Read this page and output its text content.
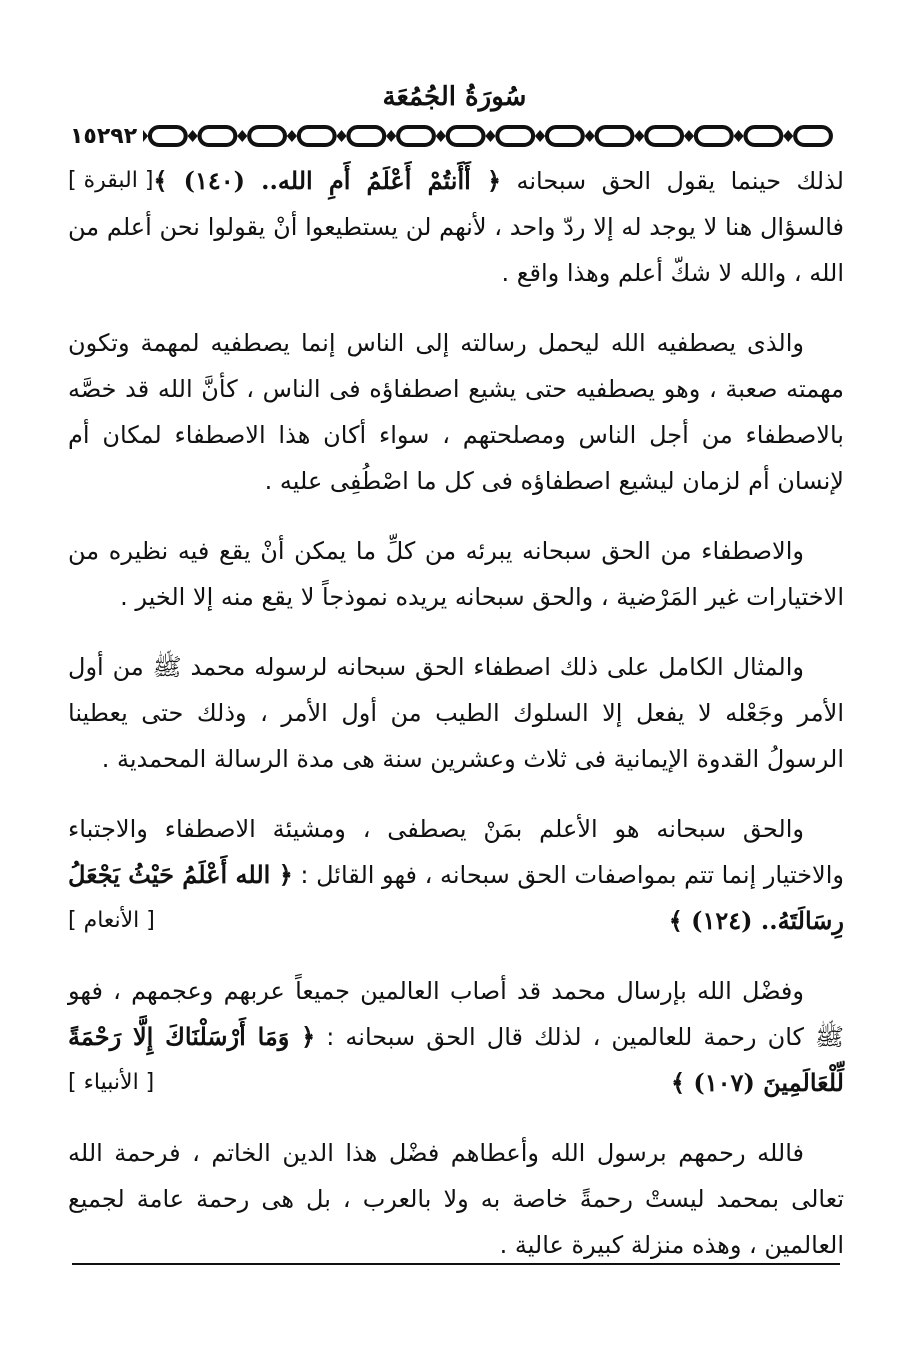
سُورَةُ الجُمُعَة
١٥٢٩٢

لذلك حينما يقول الحق سبحانه ﴿ أَأَنتُمْ أَعْلَمُ أَمِ الله.. (١٤٠) ﴾
[ البقرة ]
فالسؤال هنا لا يوجد له إلا ردّ واحد ، لأنهم لن يستطيعوا أنْ يقولوا نحن أعلم من الله ، والله لا شكّ أعلم وهذا واقع .

والذى يصطفيه الله ليحمل رسالته إلى الناس إنما يصطفيه لمهمة وتكون مهمته صعبة ، وهو يصطفيه حتى يشيع اصطفاؤه فى الناس ، كأنَّ الله قد خصَّه بالاصطفاء من أجل الناس ومصلحتهم ، سواء أكان هذا الاصطفاء لمكان أم لإنسان أم لزمان ليشيع اصطفاؤه فى كل ما اصْطُفِى عليه .

والاصطفاء من الحق سبحانه يبرئه من كلِّ ما يمكن أنْ يقع فيه نظيره من الاختيارات غير المَرْضية ، والحق سبحانه يريده نموذجاً لا يقع منه إلا الخير .

والمثال الكامل على ذلك اصطفاء الحق سبحانه لرسوله محمد ﷺ من أول الأمر وجَعْله لا يفعل إلا السلوك الطيب من أول الأمر ، وذلك حتى يعطينا الرسولُ القدوة الإيمانية فى ثلاث وعشرين سنة هى مدة الرسالة المحمدية .

والحق سبحانه هو الأعلم بمَنْ يصطفى ، ومشيئة الاصطفاء والاجتباء والاختيار إنما تتم بمواصفات الحق سبحانه ، فهو القائل : ﴿ الله أَعْلَمُ حَيْثُ يَجْعَلُ رِسَالَتَهُ.. (١٢٤) ﴾
[ الأنعام ]

وفضْل الله بإرسال محمد قد أصاب العالمين جميعاً عربهم وعجمهم ، فهو ﷺ كان رحمة للعالمين ، لذلك قال الحق سبحانه : ﴿ وَمَا أَرْسَلْنَاكَ إِلَّا رَحْمَةً لِّلْعَالَمِينَ (١٠٧) ﴾
[ الأنبياء ]

فالله رحمهم برسول الله وأعطاهم فضْل هذا الدين الخاتم ، فرحمة الله تعالى بمحمد ليستْ رحمةً خاصة به ولا بالعرب ، بل هى رحمة عامة لجميع العالمين ، وهذه منزلة كبيرة عالية .
